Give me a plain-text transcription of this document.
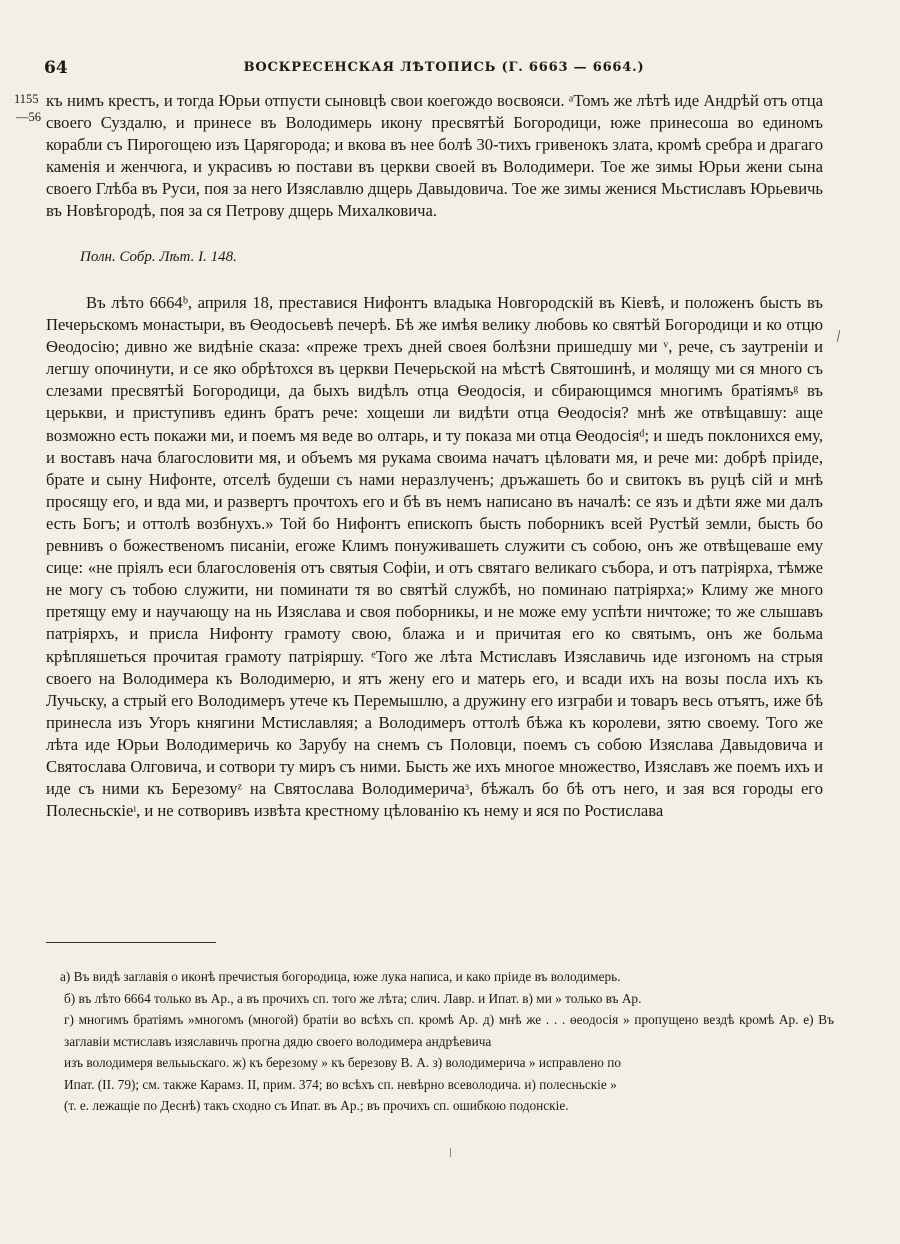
64	ВОСКРЕСЕНСКАЯ ЛѢТОПИСЬ (Г. 6663 — 6664.)
1155
—56
къ нимъ крестъ, и тогда Юрьи отпусти сыновцѣ свои коегождо восвояси. ᵃТомъ же лѣтѣ иде Андрѣй отъ отца своего Суздалю, и принесе въ Володимерь икону пресвятѣй Богородици, юже принесоша во единомъ корабли съ Пирогощею изъ Царягорода; и вкова въ нее болѣ 30-тихъ гривенокъ злата, кромѣ сребра и драгаго каменія и женчюга, и украсивъ ю постави въ церкви своей въ Володимери. Тое же зимы Юрьи жени сына своего Глѣба въ Руси, поя за него Изяславлю дщерь Давыдовича. Тое же зимы женися Мьстиславъ Юрьевичь въ Новѣгородѣ, поя за ся Петрову дщерь Михалковича.
Полн. Собр. Лѣт. I. 148.
Въ лѣто 6664ᵇ, априля 18, преставися Нифонтъ владыка Новгородскій въ Кіевѣ, и положенъ бысть въ Печерьскомъ монастыри, въ Ѳеодосьевѣ печерѣ. Бѣ же имѣя велику любовь ко святѣй Богородици и ко отцю Ѳеодосію; дивно же видѣніе сказа: «преже трехъ дней своея болѣзни пришедшу ми ᵛ, рече, съ заутреніи и легшу опочинути, и се яко обрѣтохся въ церкви Печерьской на мѣстѣ Святошинѣ, и молящу ми ся много съ слезами пресвятѣй Богородици, да быхъ видѣлъ отца Ѳеодосія, и сбирающимся многимъ братіямъᵍ въ церькви, и приступивъ единъ братъ рече: хощеши ли видѣти отца Ѳеодосія? мнѣ же отвѣщавшу: аще возможно есть покажи ми, и поемъ мя веде во олтарь, и ту показа ми отца Ѳеодосіяᵈ; и шедъ поклонихся ему, и воставъ нача благословити мя, и объемъ мя рукама своима начатъ цѣловати мя, и рече ми: добрѣ пріиде, брате и сыну Нифонте, отселѣ будеши съ нами неразлученъ; дръжашеть бо и свитокъ въ руцѣ сій и мнѣ просящу его, и вда ми, и развертъ прочтохъ его и бѣ въ немъ написано въ началѣ: се язъ и дѣти яже ми далъ есть Богъ; и оттолѣ возбнухъ.» Той бо Нифонтъ епископъ бысть поборникъ всей Рустѣй земли, бысть бо ревнивъ о божественомъ писаніи, егоже Климъ понуживашеть служити съ собою, онъ же отвѣщеваше ему сице: «не пріялъ еси благословенія отъ святыя Софіи, и отъ святаго великаго събора, и отъ патріярха, тѣмже не могу съ тобою служити, ни поминати тя во святѣй службѣ, но поминаю патріярха;» Климу же много претящу ему и научающу на нь Изяслава и своя поборникы, и не може ему успѣти ничтоже; то же слышавъ патріярхъ, и присла Нифонту грамоту свою, блажа и и причитая его ко святымъ, онъ же больма крѣпляшеться прочитая грамоту патріяршу. ᵉТого же лѣта Мстиславъ Изяславичь иде изгономъ на стрыя своего на Володимера къ Володимерю, и ятъ жену его и матерь его, и всади ихъ на возы посла ихъ къ Лучьску, а стрый его Володимеръ утече къ Перемышлю, а дружину его изграби и товаръ весь отъятъ, иже бѣ принесла изъ Угоръ княгини Мстиславляя; а Володимеръ оттолѣ бѣжа къ королеви, зятю своему. Того же лѣта иде Юрьи Володимеричь ко Зарубу на снемъ съ Половци, поемъ съ собою Изяслава Давыдовича и Святослава Олговича, и сотвори ту миръ съ ними. Бысть же ихъ многое множество, Изяславъ же поемъ ихъ и иде съ ними къ Березомуᶻ на Святослава Володимеричаᶟ, бѣжалъ бо бѣ отъ него, и зая вся городы его Полесньскіеᶦ, и не сотворивъ извѣта крестному цѣлованію къ нему и яся по Ростислава

а) Въ видѣ заглавія о иконѣ пречистыя богородица, юже лука написа, и како пріиде въ володимерь.

б) въ лѣто 6664 только въ Ар., а въ прочихъ сп. того же лѣта; слич. Лавр. и Ипат. в) ми » только въ Ар.

г) многимъ братіямъ »многомъ (многой) братіи во всѣхъ сп. кромѣ Ар. д) мнѣ же . . . ѳеодосія » пропущено вездѣ кромѣ Ар. е) Въ заглавіи мстиславъ изяславичь прогна дядю своего володимера андрѣевича

изъ володимеря вельыьскаго. ж) къ березому » къ березову В. А. з) володимерича » исправлено по

Ипат. (II. 79); см. также Карамз. II, прим. 374; во всѣхъ сп. невѣрно всеволодича. и) полесньскіе »

(т. е. лежащіе по Деснѣ) такъ сходно съ Ипат. въ Ар.; въ прочихъ сп. ошибкою подонскіе.
